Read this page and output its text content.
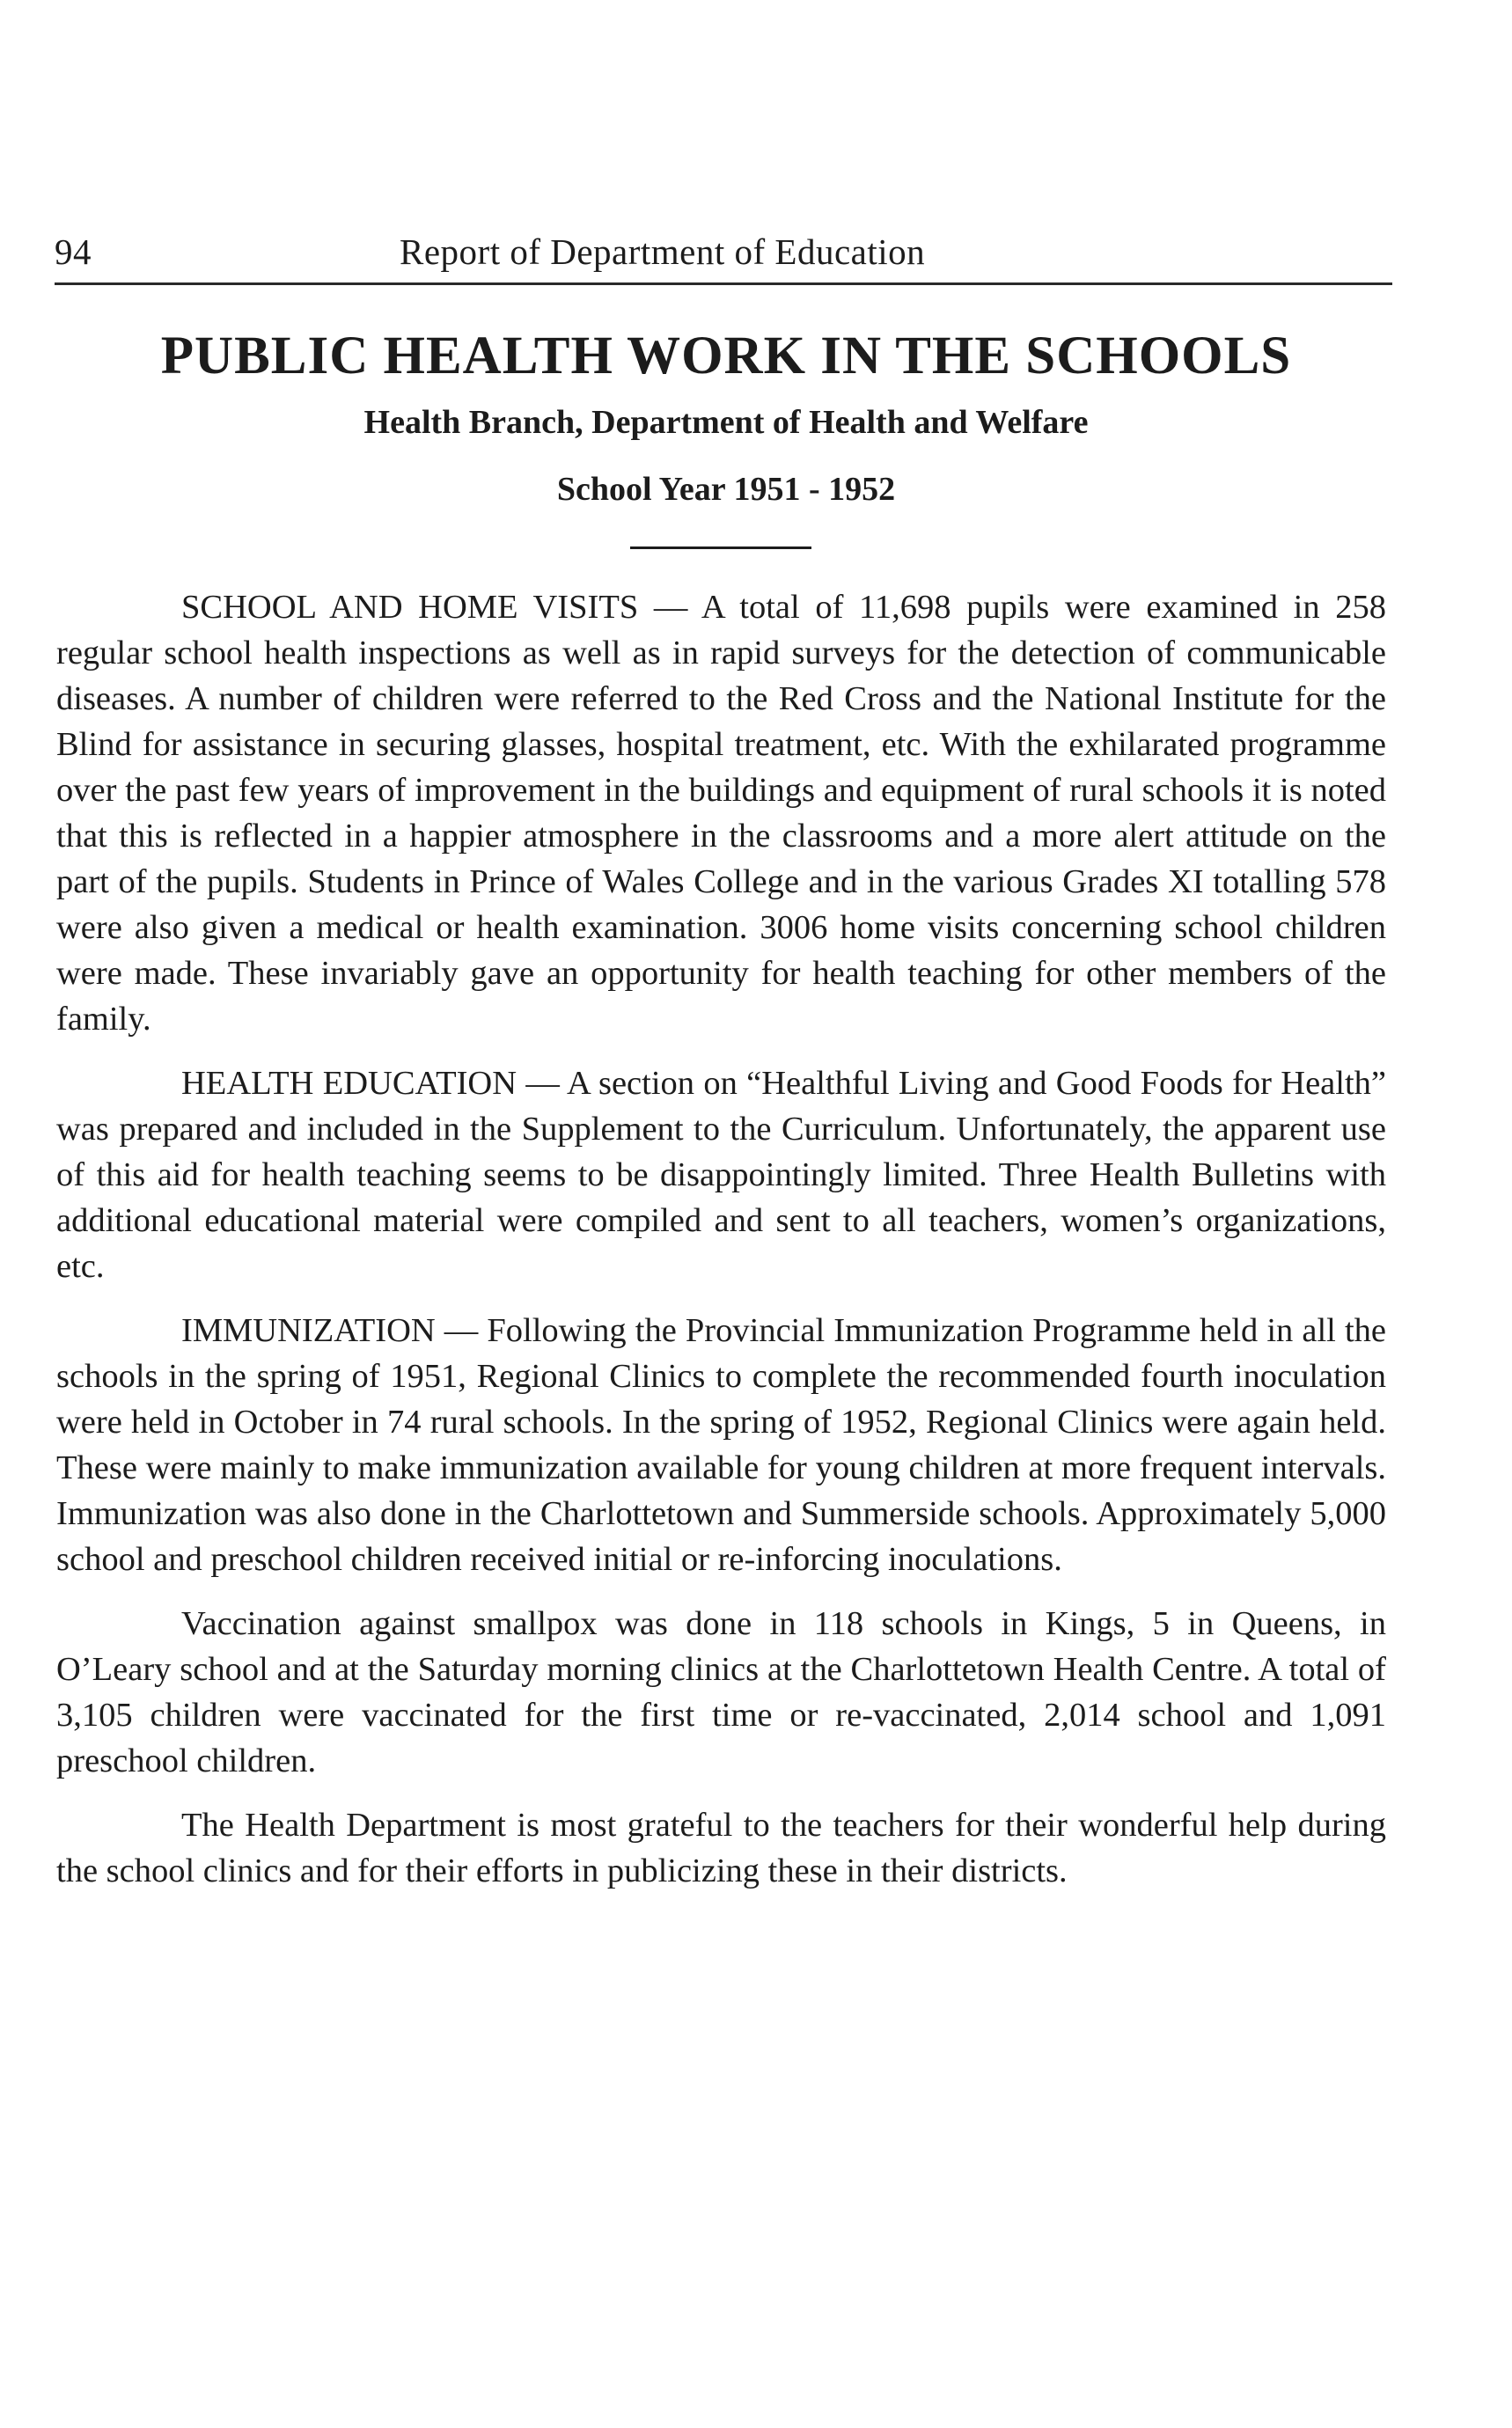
94	Report of Department of Education
PUBLIC HEALTH WORK IN THE SCHOOLS
Health Branch, Department of Health and Welfare
School Year 1951 - 1952

SCHOOL AND HOME VISITS — A total of 11,698 pupils were examined in 258 regular school health inspections as well as in rapid surveys for the detection of communicable diseases. A number of children were referred to the Red Cross and the National Institute for the Blind for assistance in securing glasses, hospital treatment, etc. With the exhilarated programme over the past few years of improvement in the buildings and equipment of rural schools it is noted that this is reflected in a happier atmosphere in the classrooms and a more alert attitude on the part of the pupils. Students in Prince of Wales College and in the various Grades XI totalling 578 were also given a medical or health examination. 3006 home visits concerning school children were made. These invariably gave an opportunity for health teaching for other members of the family.

HEALTH EDUCATION — A section on “Healthful Living and Good Foods for Health” was prepared and included in the Supplement to the Curriculum. Unfortunately, the apparent use of this aid for health teaching seems to be disappointingly limited. Three Health Bulletins with additional educational material were compiled and sent to all teachers, women’s organizations, etc.

IMMUNIZATION — Following the Provincial Immunization Programme held in all the schools in the spring of 1951, Regional Clinics to complete the recommended fourth inoculation were held in October in 74 rural schools. In the spring of 1952, Regional Clinics were again held. These were mainly to make immunization available for young children at more frequent intervals. Immunization was also done in the Charlottetown and Summerside schools. Approximately 5,000 school and preschool children received initial or re-inforcing inoculations.

Vaccination against smallpox was done in 118 schools in Kings, 5 in Queens, in O’Leary school and at the Saturday morning clinics at the Charlottetown Health Centre. A total of 3,105 children were vaccinated for the first time or re-vaccinated, 2,014 school and 1,091 preschool children.

The Health Department is most grateful to the teachers for their wonderful help during the school clinics and for their efforts in publicizing these in their districts.
